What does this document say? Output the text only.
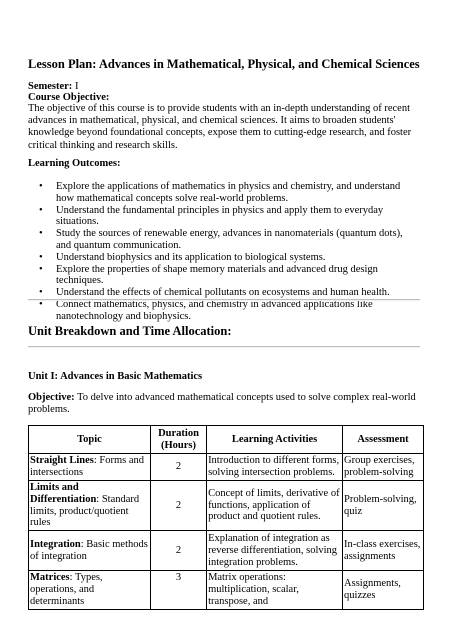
Lesson Plan: Advances in Mathematical, Physical, and Chemical Sciences
Semester: I
Course Objective:
The objective of this course is to provide students with an in-depth understanding of recent advances in mathematical, physical, and chemical sciences. It aims to broaden students' knowledge beyond foundational concepts, expose them to cutting-edge research, and foster critical thinking and research skills.
Learning Outcomes:
• Explore the applications of mathematics in physics and chemistry, and understand how mathematical concepts solve real-world problems.
• Understand the fundamental principles in physics and apply them to everyday situations.
• Study the sources of renewable energy, advances in nanomaterials (quantum dots), and quantum communication.
• Understand biophysics and its application to biological systems.
• Explore the properties of shape memory materials and advanced drug design techniques.
• Understand the effects of chemical pollutants on ecosystems and human health.
• Connect mathematics, physics, and chemistry in advanced applications like nanotechnology and biophysics.
Unit Breakdown and Time Allocation:
Unit I: Advances in Basic Mathematics
Objective: To delve into advanced mathematical concepts used to solve complex real-world problems.
Topic	Duration (Hours)	Learning Activities	Assessment
Straight Lines: Forms and intersections	2	Introduction to different forms, solving intersection problems.	Group exercises, problem-solving
Limits and Differentiation: Standard limits, product/quotient rules	2	Concept of limits, derivative of functions, application of product and quotient rules.	Problem-solving, quiz
Integration: Basic methods of integration	2	Explanation of integration as reverse differentiation, solving integration problems.	In-class exercises, assignments
Matrices: Types, operations, and determinants	3	Matrix operations: multiplication, scalar, transpose, and	Assignments, quizzes
